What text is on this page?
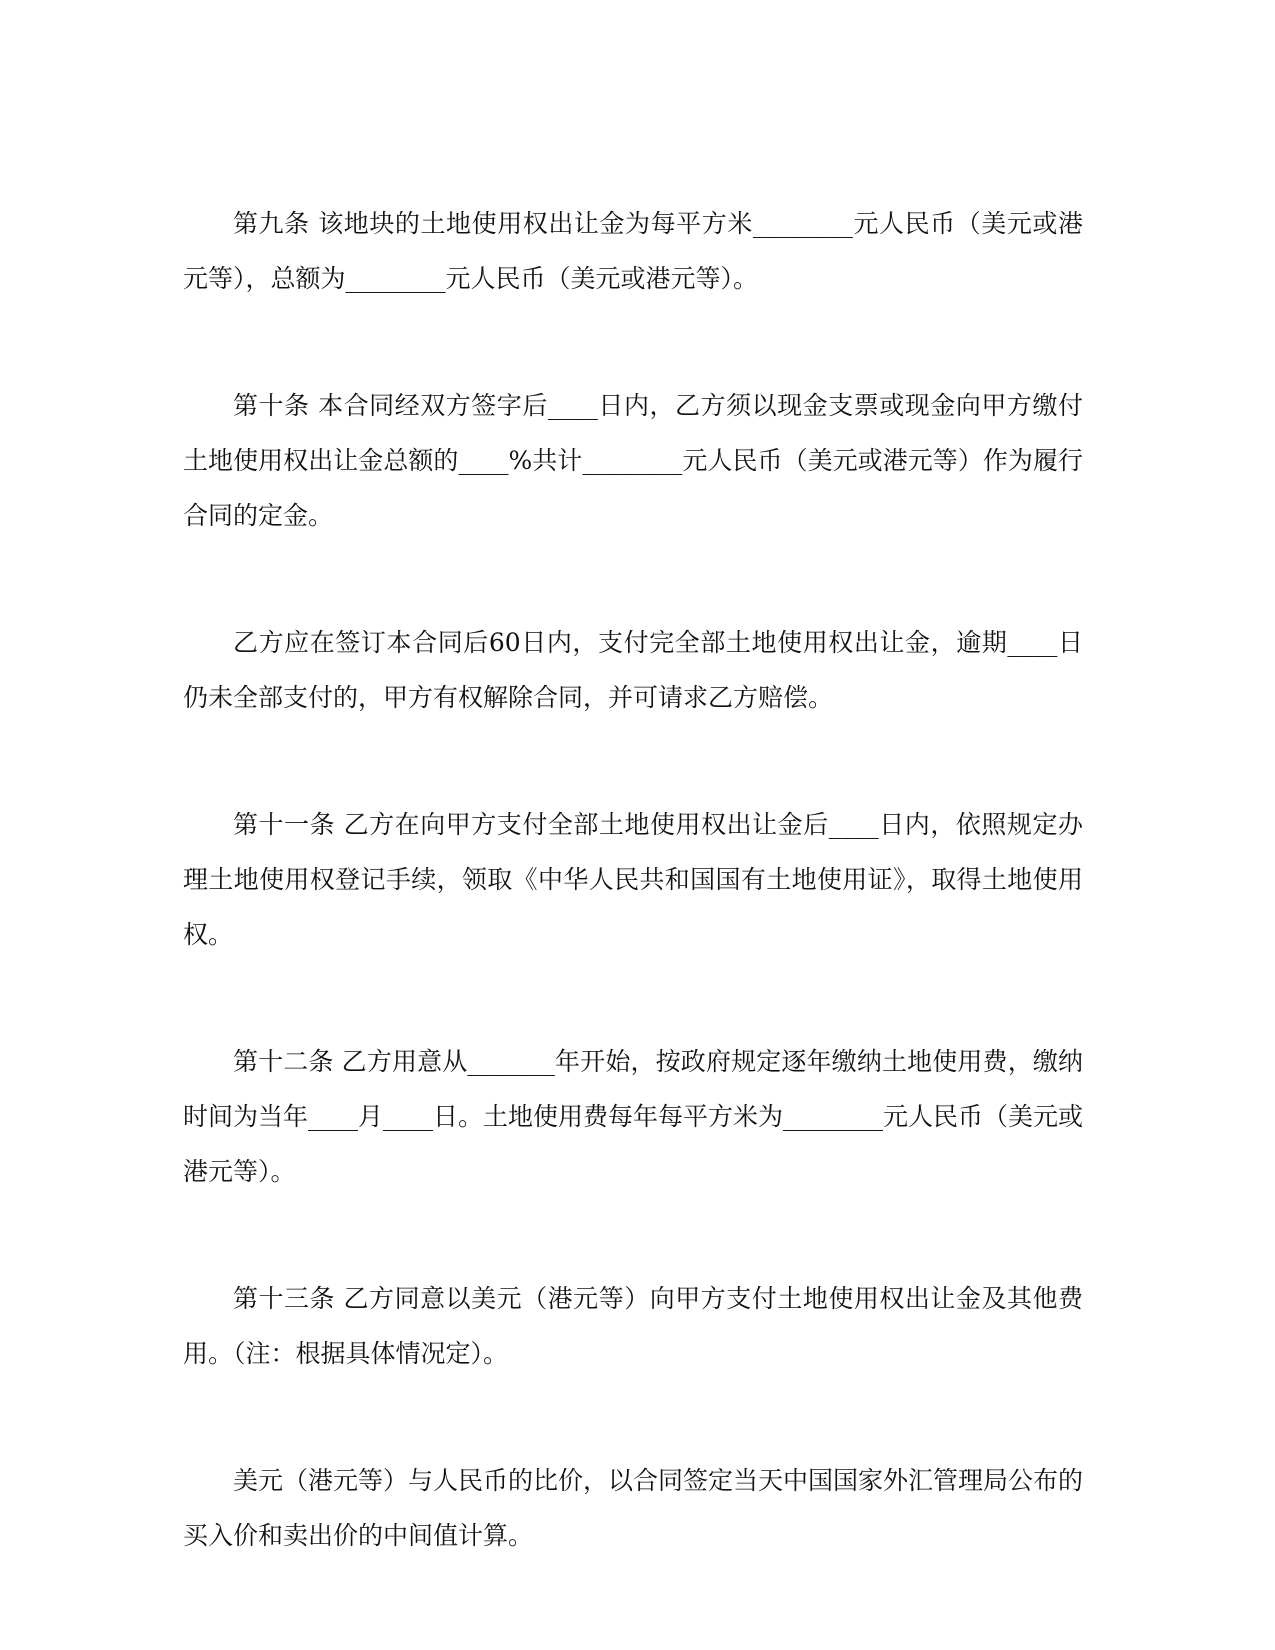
第九条 该地块的土地使用权出让金为每平方米________元人民币（美元或港元等），总额为________元人民币（美元或港元等）。

第十条 本合同经双方签字后____日内，乙方须以现金支票或现金向甲方缴付土地使用权出让金总额的____%共计________元人民币（美元或港元等）作为履行合同的定金。

乙方应在签订本合同后60日内，支付完全部土地使用权出让金，逾期____日仍未全部支付的，甲方有权解除合同，并可请求乙方赔偿。

第十一条 乙方在向甲方支付全部土地使用权出让金后____日内，依照规定办理土地使用权登记手续，领取《中华人民共和国国有土地使用证》，取得土地使用权。

第十二条 乙方用意从_______年开始，按政府规定逐年缴纳土地使用费，缴纳时间为当年____月____日。土地使用费每年每平方米为________元人民币（美元或港元等）。

第十三条 乙方同意以美元（港元等）向甲方支付土地使用权出让金及其他费用。（注：根据具体情况定）。

美元（港元等）与人民币的比价，以合同签定当天中国国家外汇管理局公布的买入价和卖出价的中间值计算。
